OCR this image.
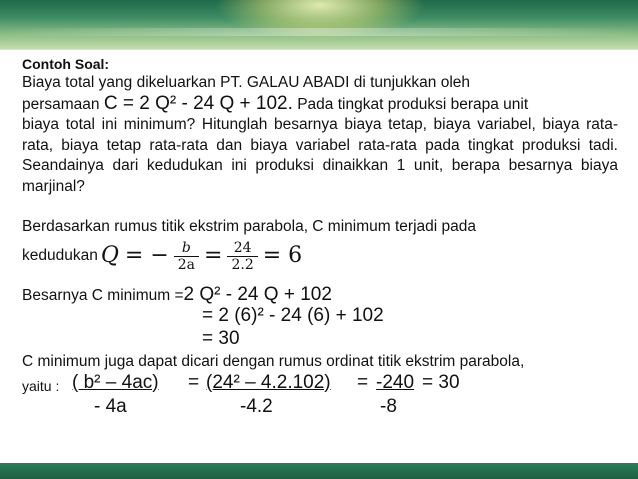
Contoh Soal:

Biaya total yang dikeluarkan PT. GALAU ABADI di tunjukkan oleh

persamaan C = 2 Q² - 24 Q + 102. Pada tingkat produksi berapa unit

biaya total ini minimum? Hitunglah besarnya biaya tetap, biaya variabel, biaya rata-rata, biaya tetap rata-rata dan biaya variabel rata-rata pada tingkat produksi tadi. Seandainya dari kedudukan ini produksi dinaikkan 1 unit, berapa besarnya biaya marjinal?

Berdasarkan rumus titik ekstrim parabola, C minimum terjadi pada

kedudukan Q = − $\frac{b}{2a} = \frac{24}{2.2} = 6$
Besarnya C minimum = 2 Q² - 24 Q + 102
= 2 (6)² - 24 (6) + 102
= 30

C minimum juga dapat dicari dengan rumus ordinat titik ekstrim parabola,

yaitu : ( b² – 4ac) = (24² – 4.2.102) = -240 = 30
- 4a	-4.2	-8
